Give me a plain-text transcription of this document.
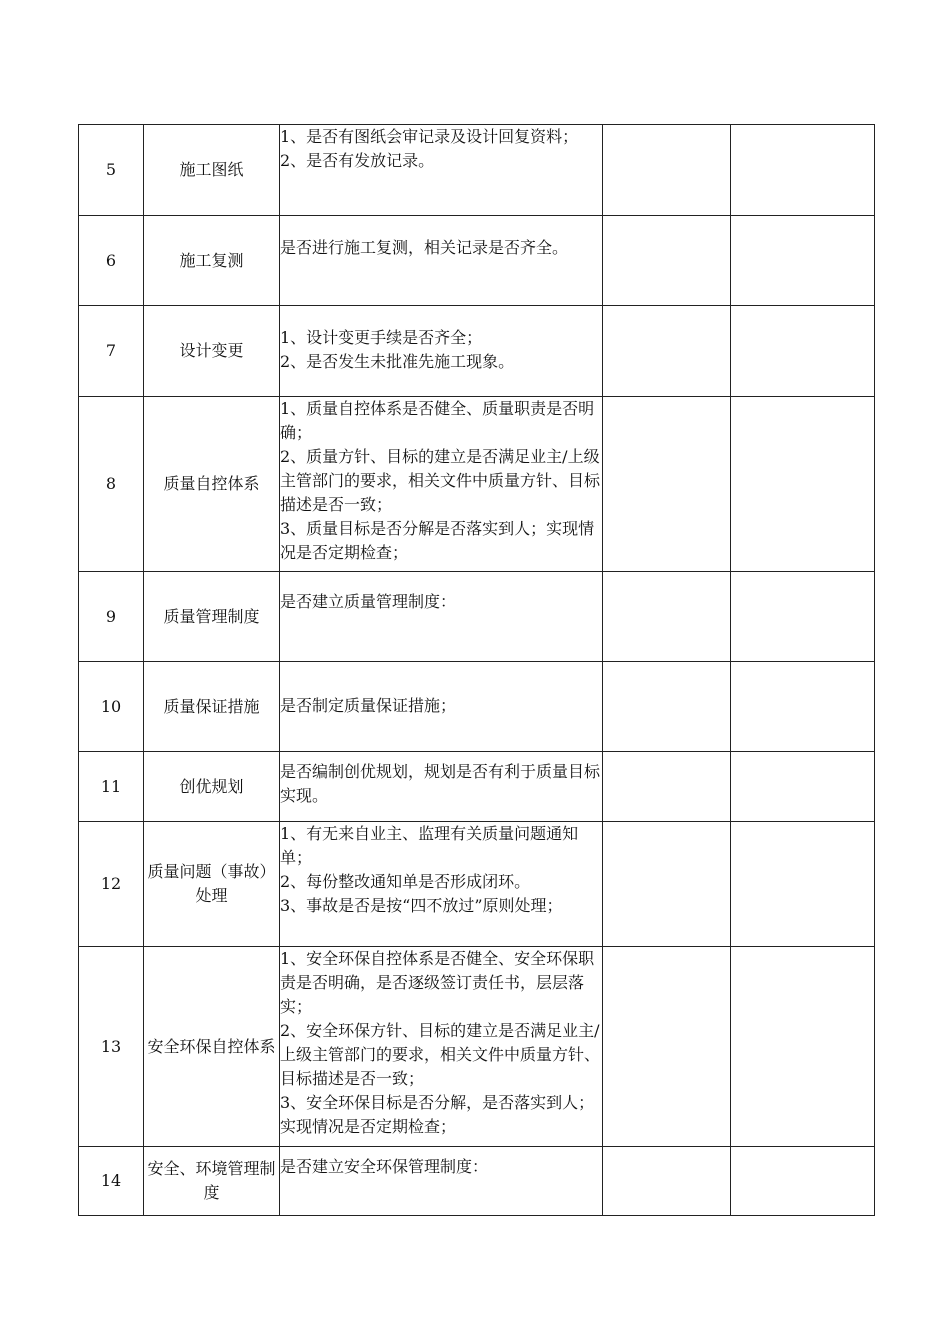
5	施工图纸	1、是否有图纸会审记录及设计回复资料；
2、是否有发放记录。		

6	施工复测	是否进行施工复测，相关记录是否齐全。		

7	设计变更	1、设计变更手续是否齐全；
2、是否发生未批准先施工现象。		

8	质量自控体系	1、质量自控体系是否健全、质量职责是否明确；
2、质量方针、目标的建立是否满足业主/上级主管部门的要求，相关文件中质量方针、目标描述是否一致；
3、质量目标是否分解是否落实到人；实现情况是否定期检查；		

9	质量管理制度	是否建立质量管理制度：		

10	质量保证措施	是否制定质量保证措施；		

11	创优规划	是否编制创优规划，规划是否有利于质量目标实现。		

12	质量问题（事故）处理	1、有无来自业主、监理有关质量问题通知单；
2、每份整改通知单是否形成闭环。
3、事故是否是按“四不放过”原则处理；		

13	安全环保自控体系	1、安全环保自控体系是否健全、安全环保职责是否明确，是否逐级签订责任书，层层落实；
2、安全环保方针、目标的建立是否满足业主/上级主管部门的要求，相关文件中质量方针、目标描述是否一致；
3、安全环保目标是否分解，是否落实到人；实现情况是否定期检查；		

14	安全、环境管理制度	是否建立安全环保管理制度：		
